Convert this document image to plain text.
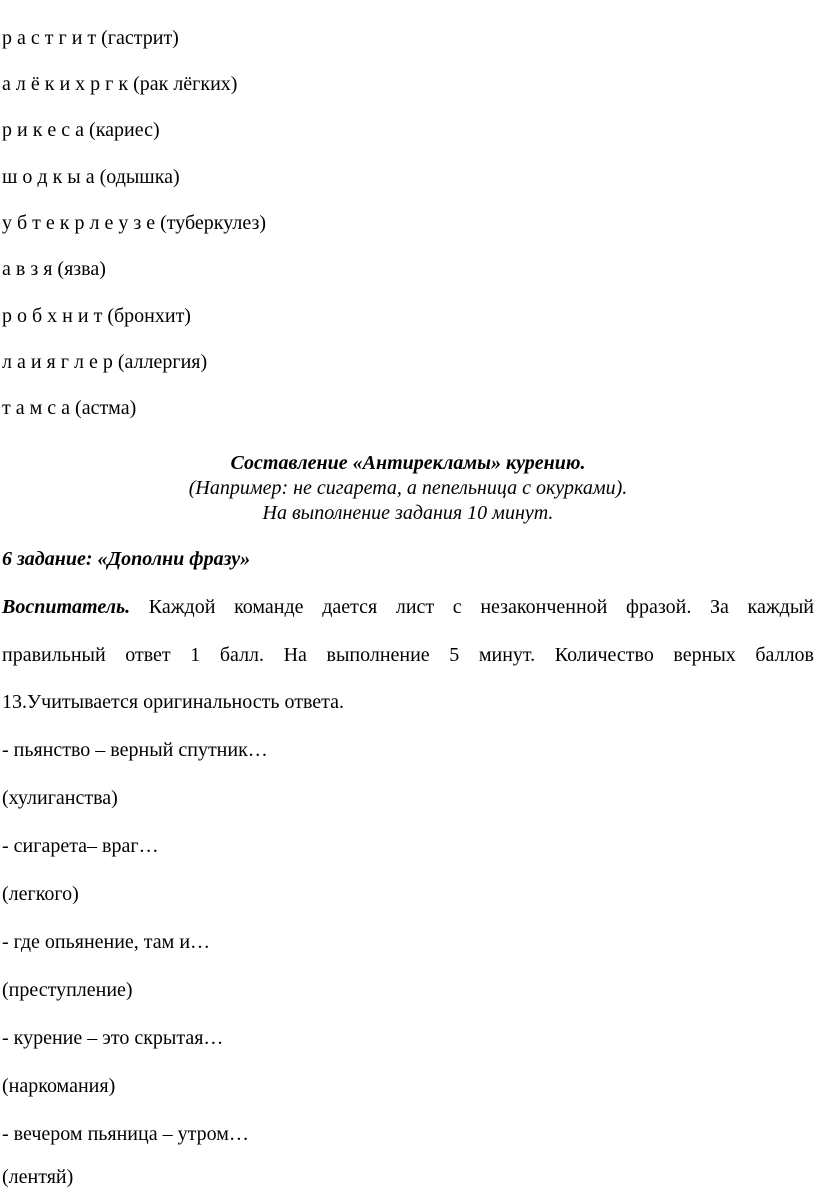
р а с т г и т (гастрит)
а л ё к и х р г к (рак лёгких)
р и к е с а (кариес)
ш о д к ы а (одышка)
у б т е к р л е у з е (туберкулез)
а в з я (язва)
р о б х н и т (бронхит)
л а и я г л е р (аллергия)
т а м с а (астма)
Составление «Антирекламы» курению.
(Например: не сигарета, а пепельница с окурками).
На выполнение задания 10 минут.
6 задание: «Дополни фразу»
Воспитатель. Каждой команде дается лист с незаконченной фразой. За каждый
правильный ответ 1 балл. На выполнение 5 минут. Количество верных баллов
13.Учитывается оригинальность ответа.
- пьянство – верный спутник…
(хулиганства)
- сигарета– враг…
(легкого)
- где опьянение, там и…
(преступление)
- курение – это скрытая…
(наркомания)
- вечером пьяница – утром…
(лентяй)
